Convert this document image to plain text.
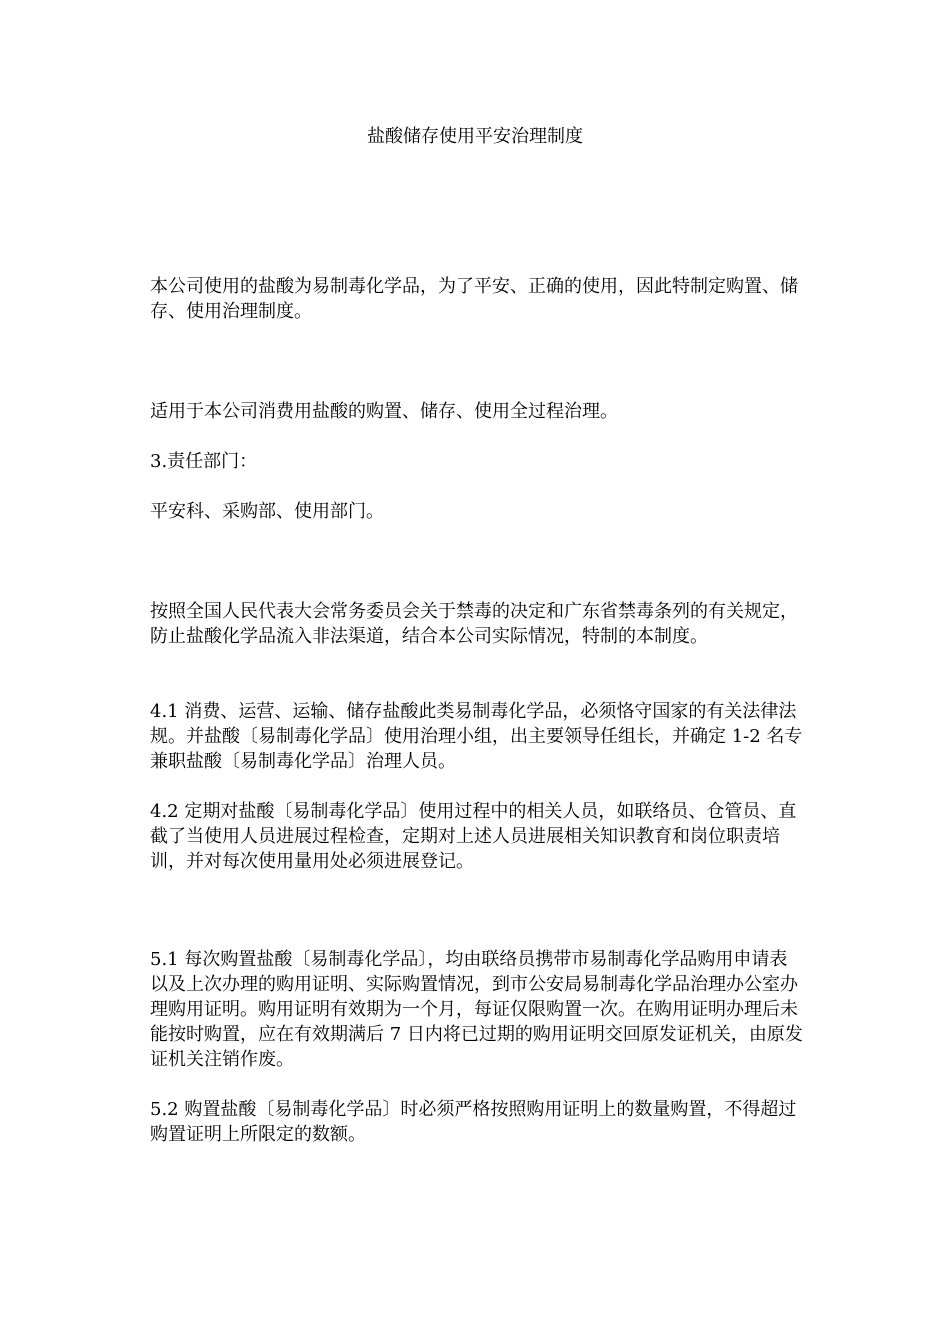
盐酸储存使用平安治理制度

本公司使用的盐酸为易制毒化学品，为了平安、正确的使用，因此特制定购置、储存、使用治理制度。

适用于本公司消费用盐酸的购置、储存、使用全过程治理。

3.责任部门：

平安科、采购部、使用部门。

按照全国人民代表大会常务委员会关于禁毒的决定和广东省禁毒条列的有关规定，防止盐酸化学品流入非法渠道，结合本公司实际情况，特制的本制度。

4.1 消费、运营、运输、储存盐酸此类易制毒化学品，必须恪守国家的有关法律法规。并盐酸〔易制毒化学品〕使用治理小组，出主要领导任组长，并确定 1-2 名专兼职盐酸〔易制毒化学品〕治理人员。

4.2 定期对盐酸〔易制毒化学品〕使用过程中的相关人员，如联络员、仓管员、直截了当使用人员进展过程检查，定期对上述人员进展相关知识教育和岗位职责培训，并对每次使用量用处必须进展登记。

5.1 每次购置盐酸〔易制毒化学品〕，均由联络员携带市易制毒化学品购用申请表以及上次办理的购用证明、实际购置情况，到市公安局易制毒化学品治理办公室办理购用证明。购用证明有效期为一个月，每证仅限购置一次。在购用证明办理后未能按时购置，应在有效期满后 7 日内将已过期的购用证明交回原发证机关，由原发证机关注销作废。

5.2 购置盐酸〔易制毒化学品〕时必须严格按照购用证明上的数量购置，不得超过购置证明上所限定的数额。
